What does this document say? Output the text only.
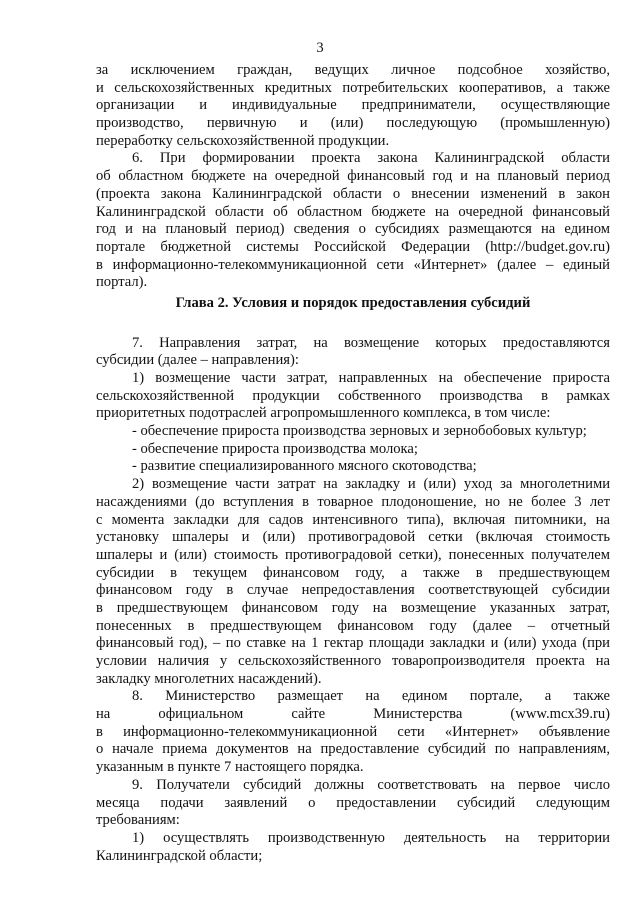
3
за исключением граждан, ведущих личное подсобное хозяйство,
и сельскохозяйственных кредитных потребительских кооперативов, а также
организации и индивидуальные предприниматели, осуществляющие
производство, первичную и (или) последующую (промышленную)
переработку сельскохозяйственной продукции.
6. При формировании проекта закона Калининградской области
об областном бюджете на очередной финансовый год и на плановый период
(проекта закона Калининградской области о внесении изменений в закон
Калининградской области об областном бюджете на очередной финансовый
год и на плановый период) сведения о субсидиях размещаются на едином
портале бюджетной системы Российской Федерации (http://budget.gov.ru)
в информационно-телекоммуникационной сети «Интернет» (далее – единый
портал).
Глава 2. Условия и порядок предоставления субсидий
7. Направления затрат, на возмещение которых предоставляются
субсидии (далее – направления):
1) возмещение части затрат, направленных на обеспечение прироста
сельскохозяйственной продукции собственного производства в рамках
приоритетных подотраслей агропромышленного комплекса, в том числе:
- обеспечение прироста производства зерновых и зернобобовых культур;
- обеспечение прироста производства молока;
- развитие специализированного мясного скотоводства;
2) возмещение части затрат на закладку и (или) уход за многолетними
насаждениями (до вступления в товарное плодоношение, но не более 3 лет
с момента закладки для садов интенсивного типа), включая питомники, на
установку шпалеры и (или) противоградовой сетки (включая стоимость
шпалеры и (или) стоимость противоградовой сетки), понесенных получателем
субсидии в текущем финансовом году, а также в предшествующем
финансовом году в случае непредоставления соответствующей субсидии
в предшествующем финансовом году на возмещение указанных затрат,
понесенных в предшествующем финансовом году (далее – отчетный
финансовый год), – по ставке на 1 гектар площади закладки и (или) ухода (при
условии наличия у сельскохозяйственного товаропроизводителя проекта на
закладку многолетних насаждений).
8. Министерство размещает на едином портале, а также
на официальном сайте Министерства (www.mcx39.ru)
в информационно-телекоммуникационной сети «Интернет» объявление
о начале приема документов на предоставление субсидий по направлениям,
указанным в пункте 7 настоящего порядка.
9. Получатели субсидий должны соответствовать на первое число
месяца подачи заявлений о предоставлении субсидий следующим
требованиям:
1) осуществлять производственную деятельность на территории
Калининградской области;
